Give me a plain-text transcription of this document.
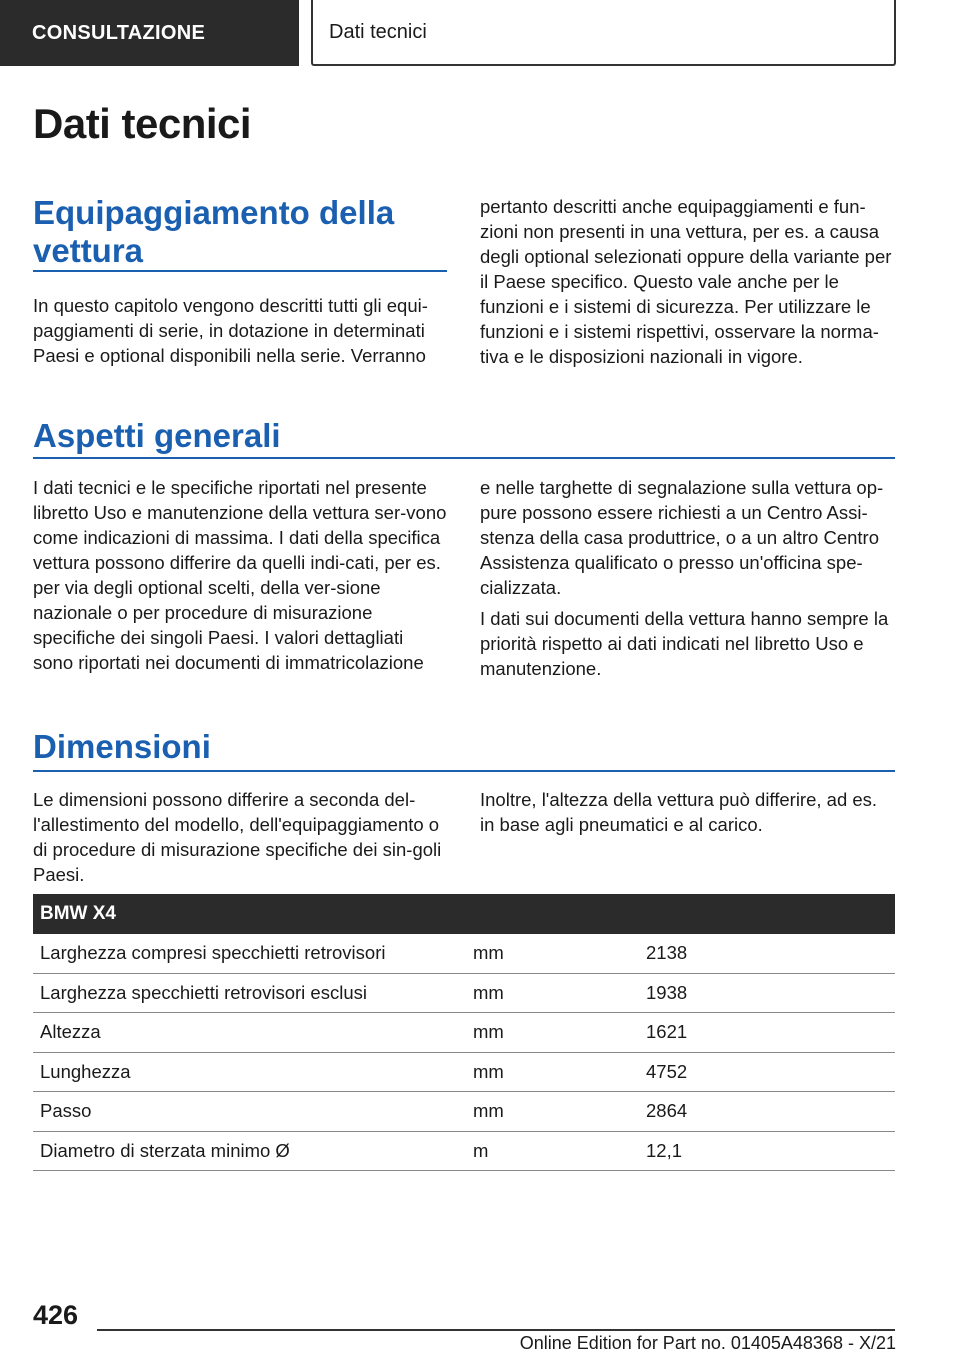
CONSULTAZIONE	Dati tecnici
Dati tecnici
Equipaggiamento della
vettura

In questo capitolo vengono descritti tutti gli equi-paggiamenti di serie, in dotazione in determinati Paesi e optional disponibili nella serie. Verranno

pertanto descritti anche equipaggiamenti e fun-zioni non presenti in una vettura, per es. a causa degli optional selezionati oppure della variante per il Paese specifico. Questo vale anche per le funzioni e i sistemi di sicurezza. Per utilizzare le funzioni e i sistemi rispettivi, osservare la norma-tiva e le disposizioni nazionali in vigore.

Aspetti generali

I dati tecnici e le specifiche riportati nel presente libretto Uso e manutenzione della vettura ser-vono come indicazioni di massima. I dati della specifica vettura possono differire da quelli indi-cati, per es. per via degli optional scelti, della ver-sione nazionale o per procedure di misurazione specifiche dei singoli Paesi. I valori dettagliati sono riportati nei documenti di immatricolazione

e nelle targhette di segnalazione sulla vettura op-pure possono essere richiesti a un Centro Assi-stenza della casa produttrice, o a un altro Centro Assistenza qualificato o presso un'officina spe-cializzata.

I dati sui documenti della vettura hanno sempre la priorità rispetto ai dati indicati nel libretto Uso e manutenzione.

Dimensioni

Le dimensioni possono differire a seconda del-l'allestimento del modello, dell'equipaggiamento o di procedure di misurazione specifiche dei sin-goli Paesi.

Inoltre, l'altezza della vettura può differire, ad es. in base agli pneumatici e al carico.

BMW X4
Larghezza compresi specchietti retrovisori	mm	2138
Larghezza specchietti retrovisori esclusi	mm	1938
Altezza	mm	1621
Lunghezza	mm	4752
Passo	mm	2864
Diametro di sterzata minimo Ø	m	12,1
426
Online Edition for Part no. 01405A48368 - X/21
